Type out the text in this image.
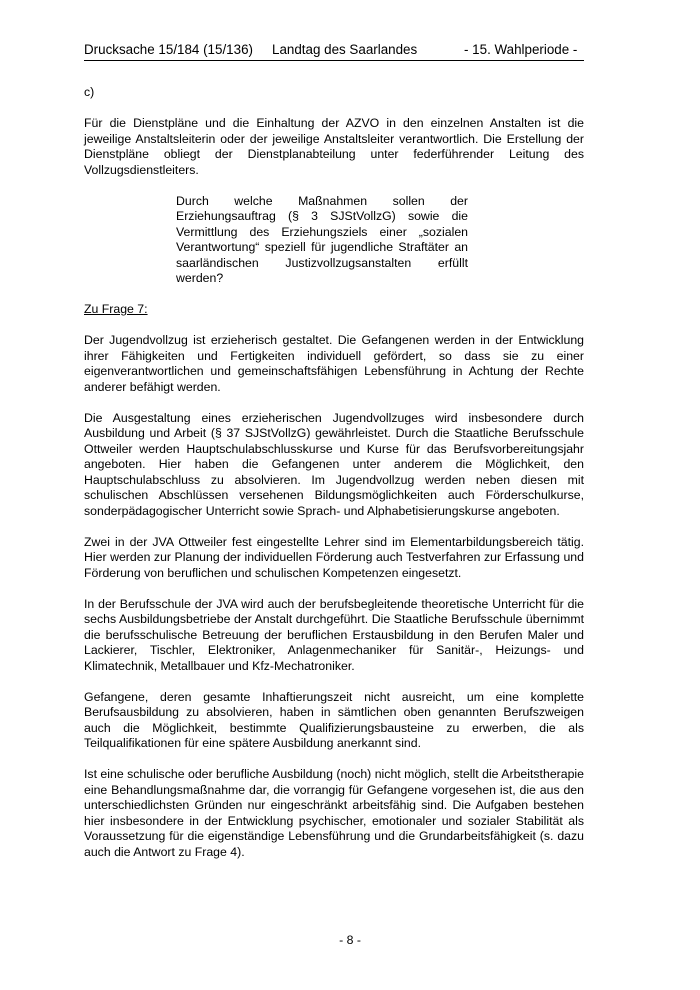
Drucksache 15/184 (15/136) Landtag des Saarlandes	- 15. Wahlperiode -

c)

Für die Dienstpläne und die Einhaltung der AZVO in den einzelnen Anstalten ist die jeweilige Anstaltsleiterin oder der jeweilige Anstaltsleiter verantwortlich. Die Erstellung der Dienstpläne obliegt der Dienstplanabteilung unter federführender Leitung des Vollzugsdienstleiters.

Durch welche Maßnahmen sollen der Erziehungsauftrag (§ 3 SJStVollzG) sowie die Vermittlung des Erziehungsziels einer „sozialen Verantwortung“ speziell für jugendliche Straftäter an saarländischen Justizvollzugsanstalten erfüllt werden?

Zu Frage 7:

Der Jugendvollzug ist erzieherisch gestaltet. Die Gefangenen werden in der Entwicklung ihrer Fähigkeiten und Fertigkeiten individuell gefördert, so dass sie zu einer eigenverantwortlichen und gemeinschaftsfähigen Lebensführung in Achtung der Rechte anderer befähigt werden.

Die Ausgestaltung eines erzieherischen Jugendvollzuges wird insbesondere durch Ausbildung und Arbeit (§ 37 SJStVollzG) gewährleistet. Durch die Staatliche Berufsschule Ottweiler werden Hauptschulabschlusskurse und Kurse für das Berufsvorbereitungsjahr angeboten. Hier haben die Gefangenen unter anderem die Möglichkeit, den Hauptschulabschluss zu absolvieren. Im Jugendvollzug werden neben diesen mit schulischen Abschlüssen versehenen Bildungsmöglichkeiten auch Förderschulkurse, sonderpädagogischer Unterricht sowie Sprach- und Alphabetisierungskurse angeboten.

Zwei in der JVA Ottweiler fest eingestellte Lehrer sind im Elementarbildungsbereich tätig. Hier werden zur Planung der individuellen Förderung auch Testverfahren zur Erfassung und Förderung von beruflichen und schulischen Kompetenzen eingesetzt.

In der Berufsschule der JVA wird auch der berufsbegleitende theoretische Unterricht für die sechs Ausbildungsbetriebe der Anstalt durchgeführt. Die Staatliche Berufsschule übernimmt die berufsschulische Betreuung der beruflichen Erstausbildung in den Berufen Maler und Lackierer, Tischler, Elektroniker, Anlagenmechaniker für Sanitär-, Heizungs- und Klimatechnik, Metallbauer und Kfz-Mechatroniker.

Gefangene, deren gesamte Inhaftierungszeit nicht ausreicht, um eine komplette Berufsausbildung zu absolvieren, haben in sämtlichen oben genannten Berufszweigen auch die Möglichkeit, bestimmte Qualifizierungsbausteine zu erwerben, die als Teilqualifikationen für eine spätere Ausbildung anerkannt sind.

Ist eine schulische oder berufliche Ausbildung (noch) nicht möglich, stellt die Arbeitstherapie eine Behandlungsmaßnahme dar, die vorrangig für Gefangene vorgesehen ist, die aus den unterschiedlichsten Gründen nur eingeschränkt arbeitsfähig sind. Die Aufgaben bestehen hier insbesondere in der Entwicklung psychischer, emotionaler und sozialer Stabilität als Voraussetzung für die eigenständige Lebensführung und die Grundarbeitsfähigkeit (s. dazu auch die Antwort zu Frage 4).

- 8 -
